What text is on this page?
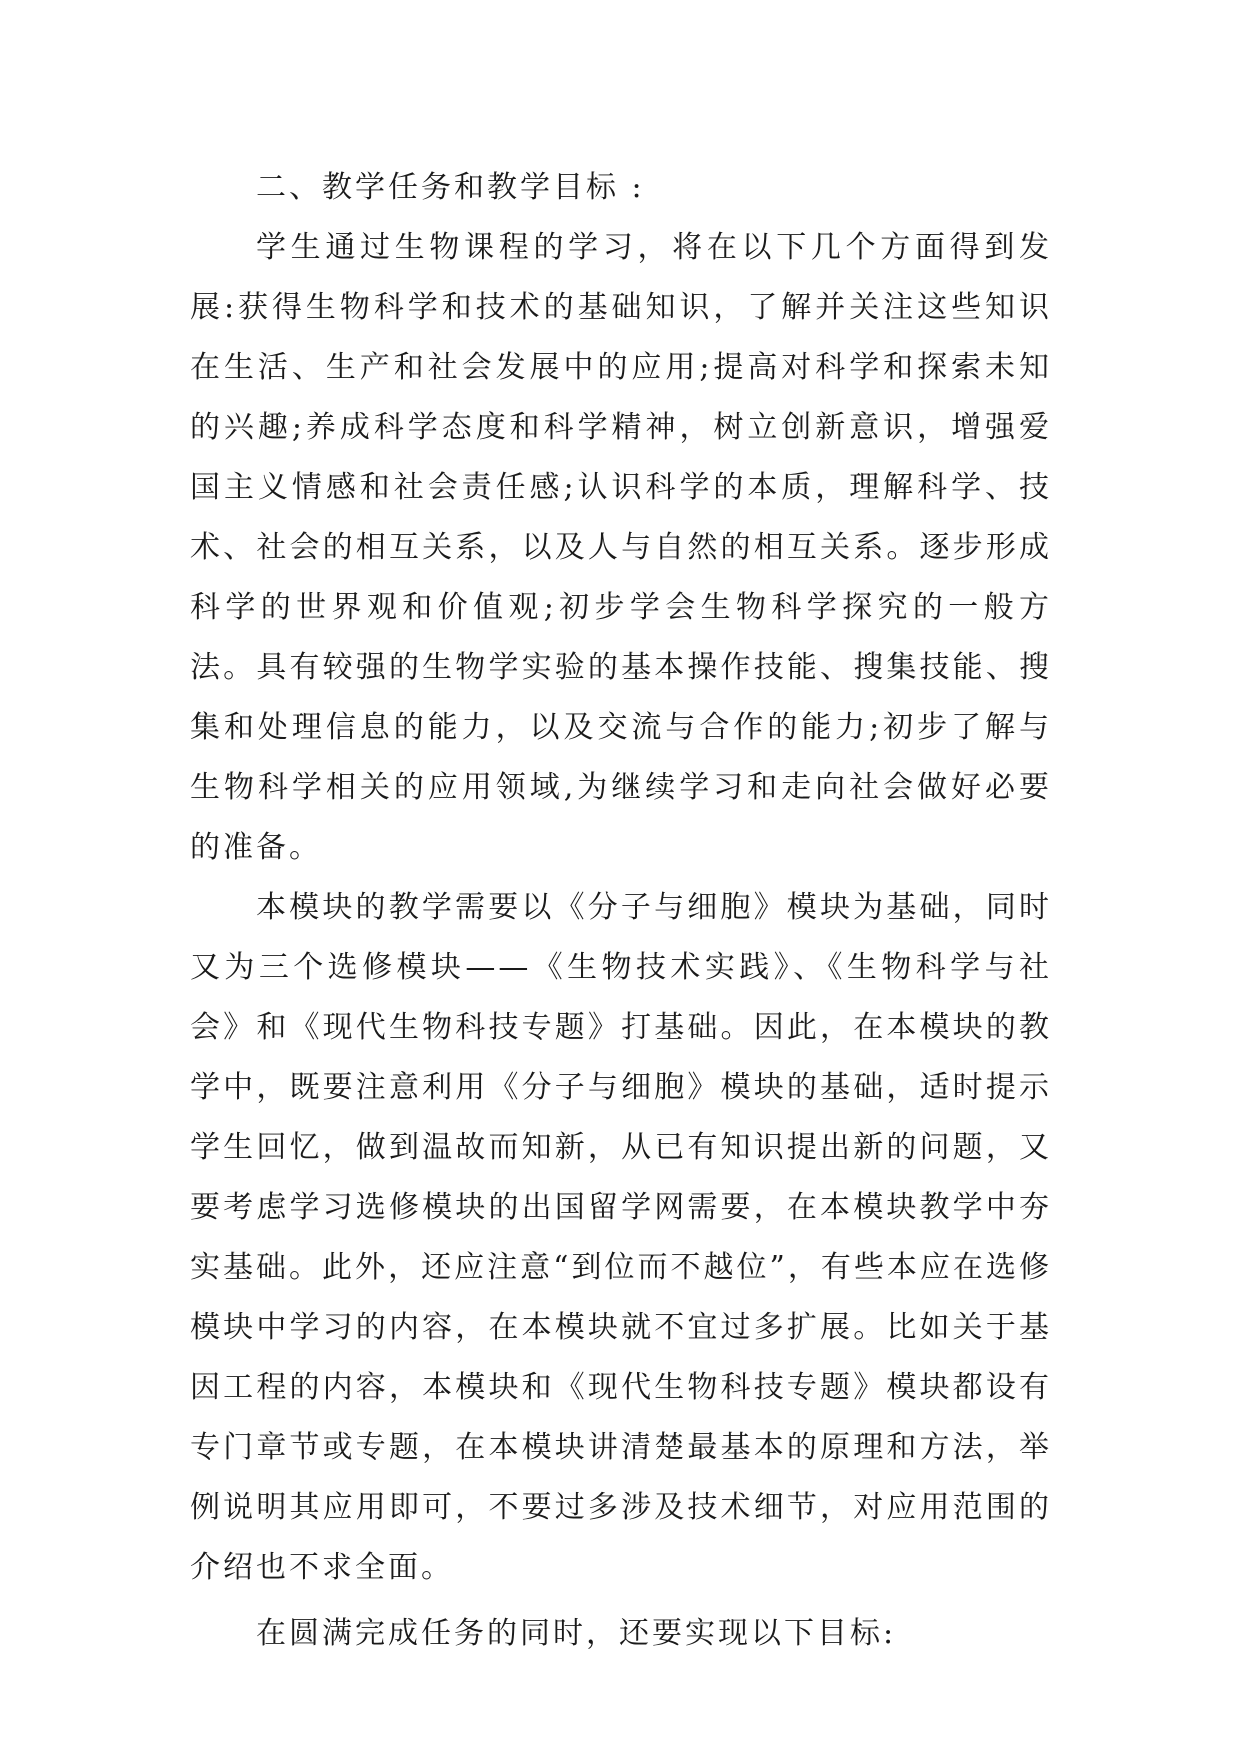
二、教学任务和教学目标 :

学生通过生物课程的学习，将在以下几个方面得到发展:获得生物科学和技术的基础知识，了解并关注这些知识在生活、生产和社会发展中的应用;提高对科学和探索未知的兴趣;养成科学态度和科学精神，树立创新意识，增强爱国主义情感和社会责任感;认识科学的本质，理解科学、技术、社会的相互关系，以及人与自然的相互关系。逐步形成科学的世界观和价值观;初步学会生物科学探究的一般方法。具有较强的生物学实验的基本操作技能、搜集技能、搜集和处理信息的能力，以及交流与合作的能力;初步了解与生物科学相关的应用领域,为继续学习和走向社会做好必要的准备。

本模块的教学需要以《分子与细胞》模块为基础，同时又为三个选修模块——《生物技术实践》、《生物科学与社会》和《现代生物科技专题》打基础。因此，在本模块的教学中，既要注意利用《分子与细胞》模块的基础，适时提示学生回忆，做到温故而知新，从已有知识提出新的问题，又要考虑学习选修模块的出国留学网需要，在本模块教学中夯实基础。此外，还应注意“到位而不越位”，有些本应在选修模块中学习的内容，在本模块就不宜过多扩展。比如关于基因工程的内容，本模块和《现代生物科技专题》模块都设有专门章节或专题，在本模块讲清楚最基本的原理和方法，举例说明其应用即可，不要过多涉及技术细节，对应用范围的介绍也不求全面。

在圆满完成任务的同时，还要实现以下目标:
